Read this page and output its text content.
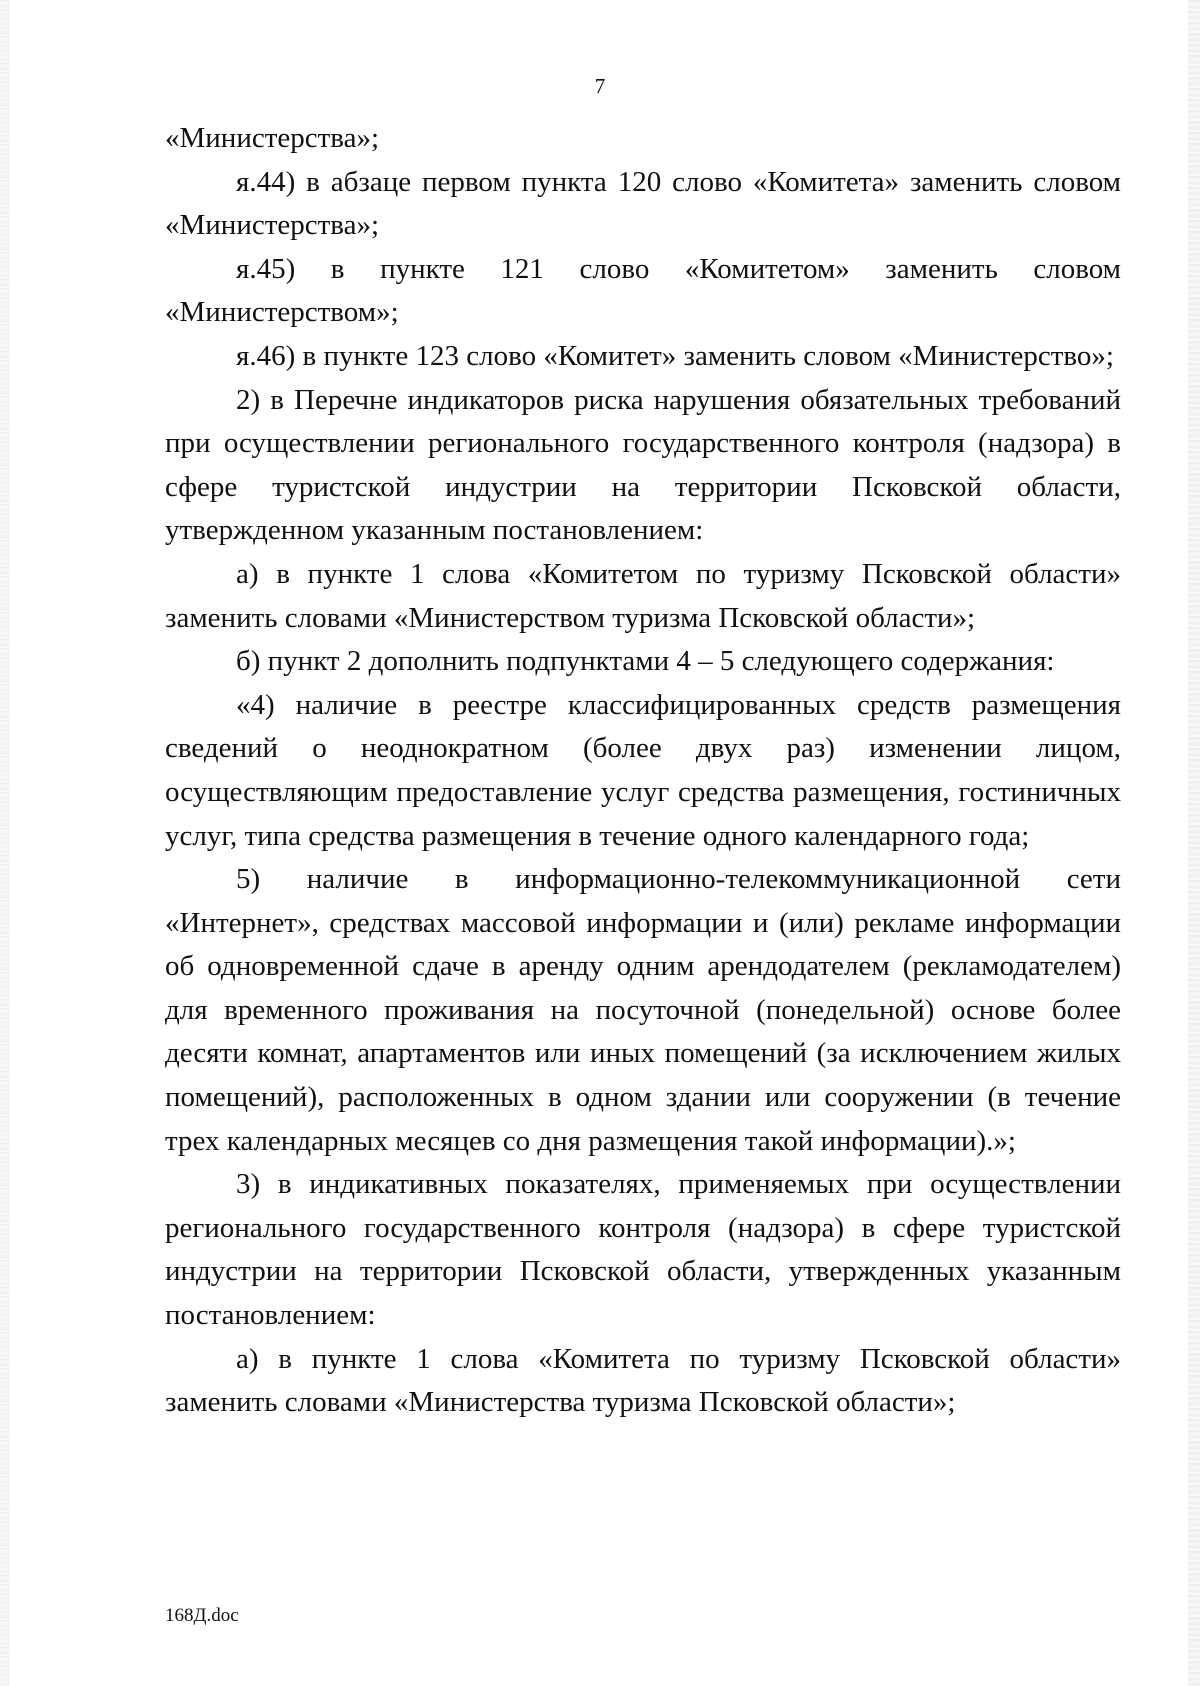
7

«Министерства»;

я.44) в абзаце первом пункта 120 слово «Комитета» заменить словом «Министерства»;

я.45) в пункте 121 слово «Комитетом» заменить словом «Министерством»;

я.46) в пункте 123 слово «Комитет» заменить словом «Министерство»;

2) в Перечне индикаторов риска нарушения обязательных требований при осуществлении регионального государственного контроля (надзора) в сфере туристской индустрии на территории Псковской области, утвержденном указанным постановлением:

а) в пункте 1 слова «Комитетом по туризму Псковской области» заменить словами «Министерством туризма Псковской области»;

б) пункт 2 дополнить подпунктами 4 – 5 следующего содержания:

«4) наличие в реестре классифицированных средств размещения сведений о неоднократном (более двух раз) изменении лицом, осуществляющим предоставление услуг средства размещения, гостиничных услуг, типа средства размещения в течение одного календарного года;

5) наличие в информационно-телекоммуникационной сети «Интернет», средствах массовой информации и (или) рекламе информации об одновременной сдаче в аренду одним арендодателем (рекламодателем) для временного проживания на посуточной (понедельной) основе более десяти комнат, апартаментов или иных помещений (за исключением жилых помещений), расположенных в одном здании или сооружении (в течение трех календарных месяцев со дня размещения такой информации).»;

3) в индикативных показателях, применяемых при осуществлении регионального государственного контроля (надзора) в сфере туристской индустрии на территории Псковской области, утвержденных указанным постановлением:

а) в пункте 1 слова «Комитета по туризму Псковской области» заменить словами «Министерства туризма Псковской области»;

168Д.doc
